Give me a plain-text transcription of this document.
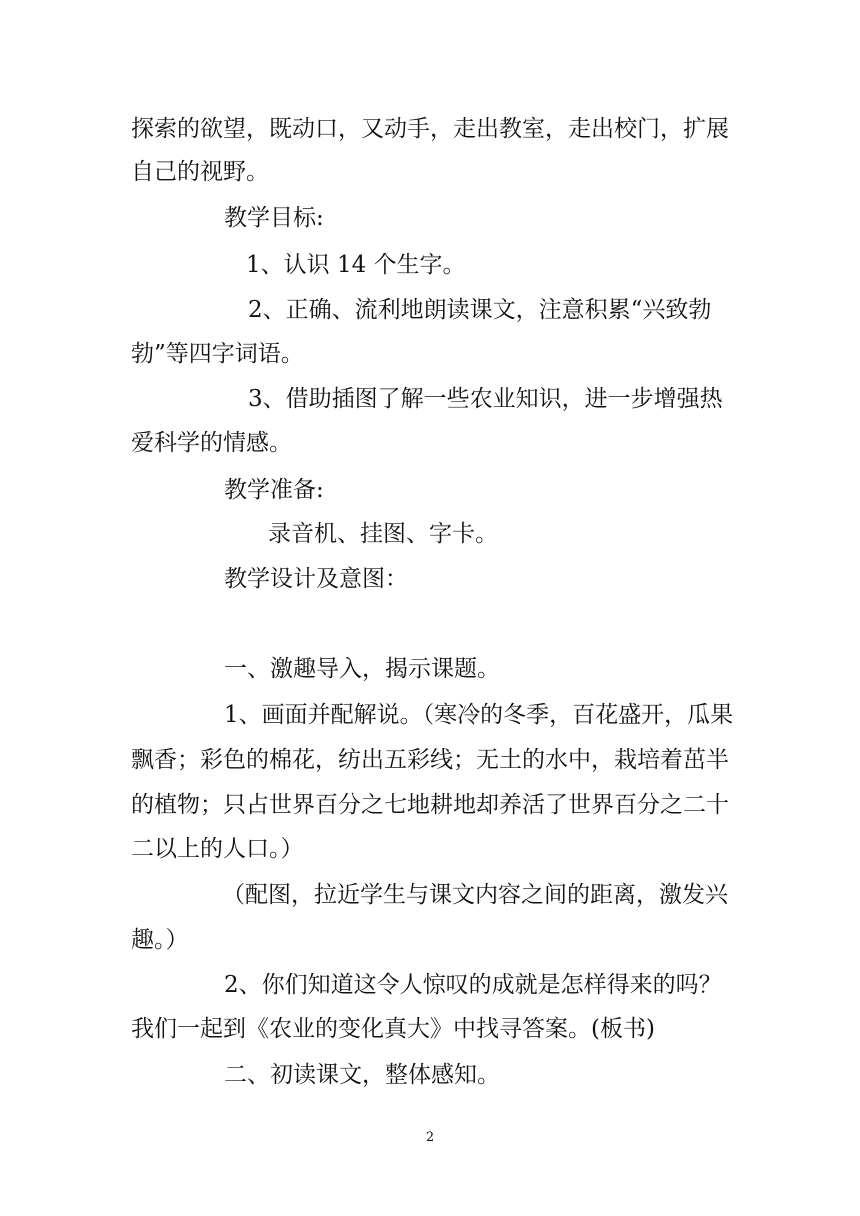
探索的欲望，既动口，又动手，走出教室，走出校门，扩展
自己的视野。
教学目标:
1、认识 14 个生字。
2、正确、流利地朗读课文，注意积累“兴致勃
勃”等四字词语。
3、借助插图了解一些农业知识，进一步增强热
爱科学的情感。
教学准备:
录音机、挂图、字卡。
教学设计及意图：
一、激趣导入，揭示课题。
1、画面并配解说。（寒冷的冬季，百花盛开，瓜果
飘香；彩色的棉花，纺出五彩线；无土的水中，栽培着茁半
的植物；只占世界百分之七地耕地却养活了世界百分之二十
二以上的人口。）
（配图，拉近学生与课文内容之间的距离，激发兴
趣。）
2、你们知道这令人惊叹的成就是怎样得来的吗？
我们一起到《农业的变化真大》中找寻答案。(板书)
二、初读课文，整体感知。
2
